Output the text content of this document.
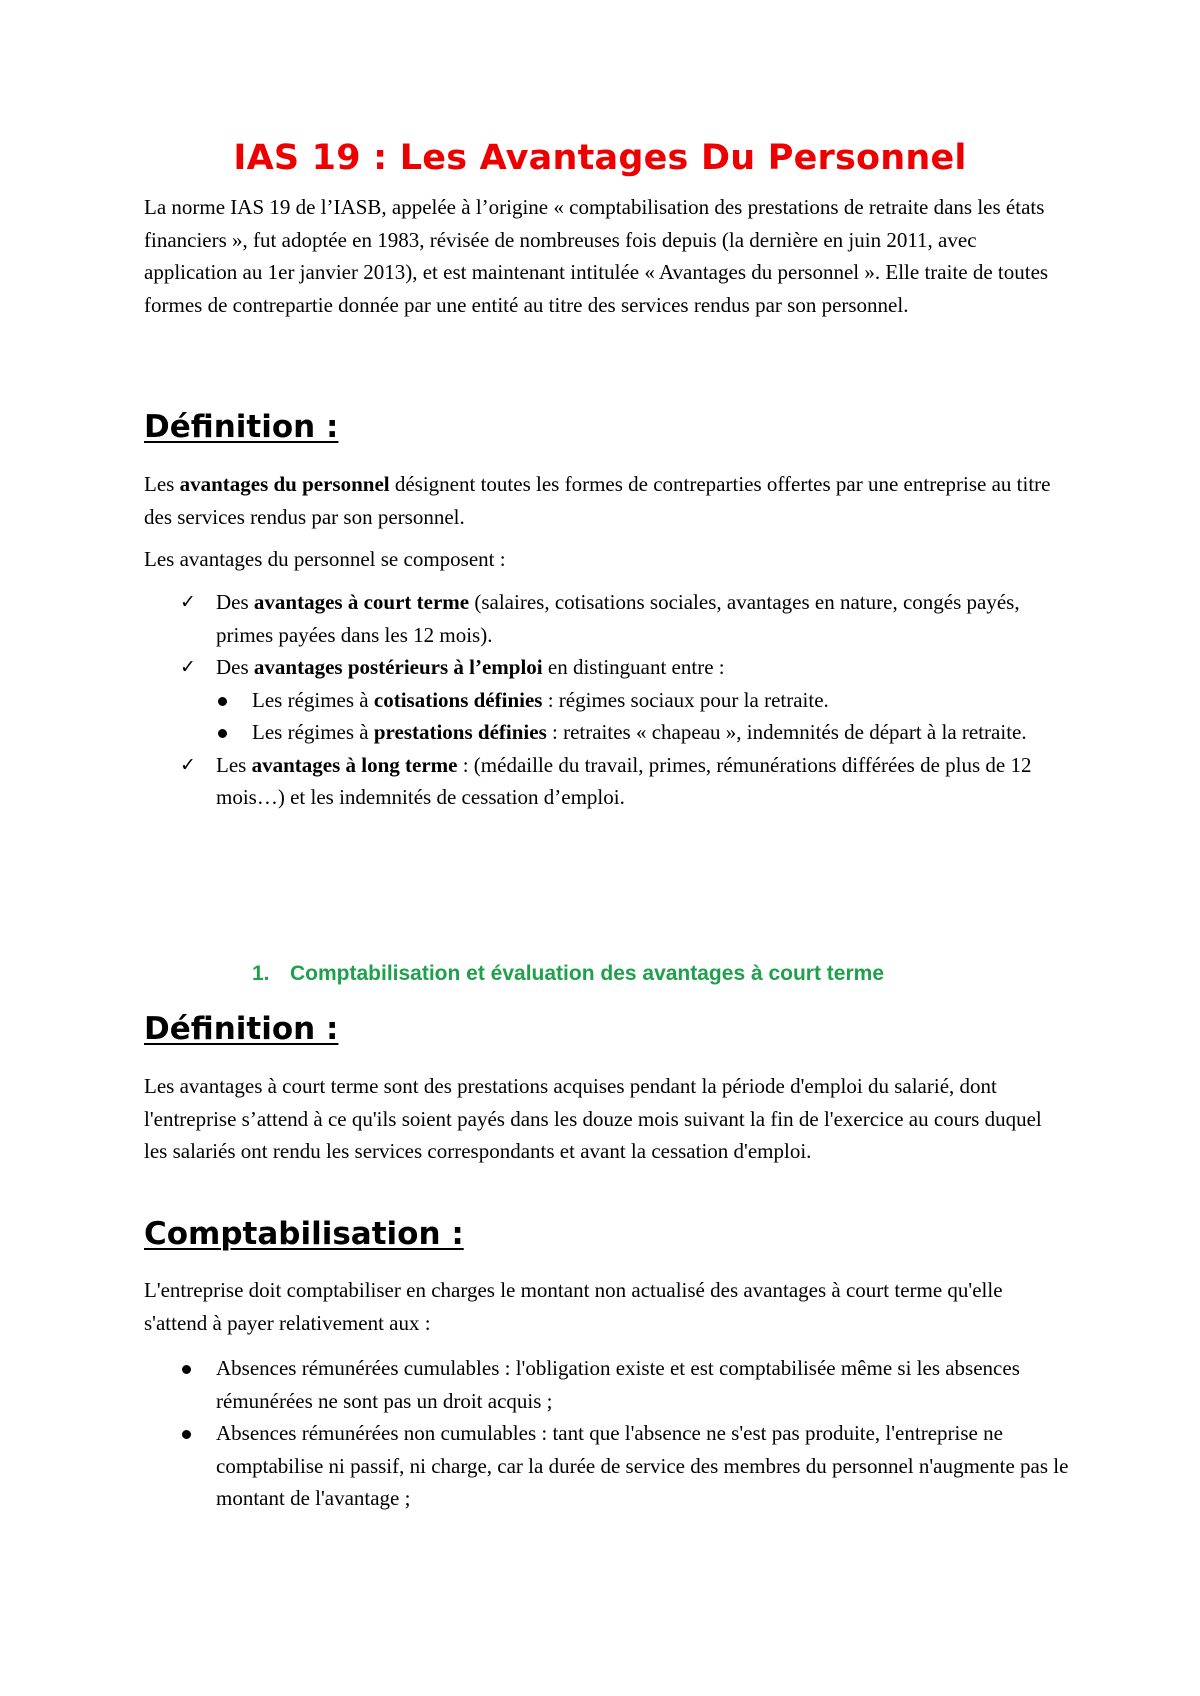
IAS 19 : Les Avantages Du Personnel

La norme IAS 19 de l’IASB, appelée à l’origine « comptabilisation des prestations de retraite dans les états financiers », fut adoptée en 1983, révisée de nombreuses fois depuis (la dernière en juin 2011, avec application au 1er janvier 2013), et est maintenant intitulée « Avantages du personnel ». Elle traite de toutes formes de contrepartie donnée par une entité au titre des services rendus par son personnel.

Définition :

Les avantages du personnel désignent toutes les formes de contreparties offertes par une entreprise au titre des services rendus par son personnel.

Les avantages du personnel se composent :

✓ Des avantages à court terme (salaires, cotisations sociales, avantages en nature, congés payés, primes payées dans les 12 mois).
✓ Des avantages postérieurs à l’emploi en distinguant entre :
Les régimes à cotisations définies : régimes sociaux pour la retraite.
Les régimes à prestations définies : retraites « chapeau », indemnités de départ à la retraite.
✓ Les avantages à long terme : (médaille du travail, primes, rémunérations différées de plus de 12 mois…) et les indemnités de cessation d’emploi.
1. Comptabilisation et évaluation des avantages à court terme
Définition :

Les avantages à court terme sont des prestations acquises pendant la période d'emploi du salarié, dont l'entreprise s’attend à ce qu'ils soient payés dans les douze mois suivant la fin de l'exercice au cours duquel les salariés ont rendu les services correspondants et avant la cessation d'emploi.

Comptabilisation :

L'entreprise doit comptabiliser en charges le montant non actualisé des avantages à court terme qu'elle s'attend à payer relativement aux :

Absences rémunérées cumulables : l'obligation existe et est comptabilisée même si les absences rémunérées ne sont pas un droit acquis ;
Absences rémunérées non cumulables : tant que l'absence ne s'est pas produite, l'entreprise ne comptabilise ni passif, ni charge, car la durée de service des membres du personnel n'augmente pas le montant de l'avantage ;
